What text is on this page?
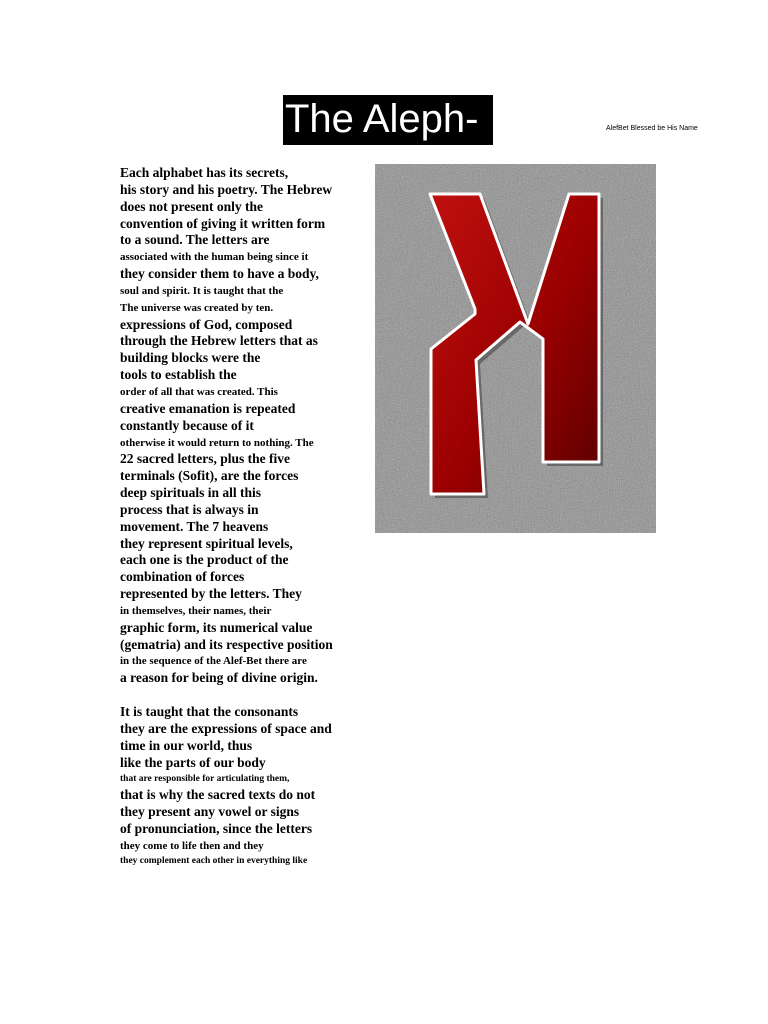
The Aleph-	AlefBet Blessed be His Name
Each alphabet has its secrets,
his story and his poetry. The Hebrew
does not present only the
convention of giving it written form
to a sound. The letters are
associated with the human being since it
they consider them to have a body,
soul and spirit. It is taught that the
The universe was created by ten.
expressions of God, composed
through the Hebrew letters that as
building blocks were the
tools to establish the
order of all that was created. This
creative emanation is repeated
constantly because of it
otherwise it would return to nothing. The
22 sacred letters, plus the five
terminals (Sofit), are the forces
deep spirituals in all this
process that is always in
movement. The 7 heavens
they represent spiritual levels,
each one is the product of the
combination of forces
represented by the letters. They
in themselves, their names, their
graphic form, its numerical value
(gematria) and its respective position
in the sequence of the Alef-Bet there are
a reason for being of divine origin.
It is taught that the consonants
they are the expressions of space and
time in our world, thus
like the parts of our body
that are responsible for articulating them,
that is why the sacred texts do not
they present any vowel or signs
of pronunciation, since the letters
they come to life then and they
they complement each other in everything like
